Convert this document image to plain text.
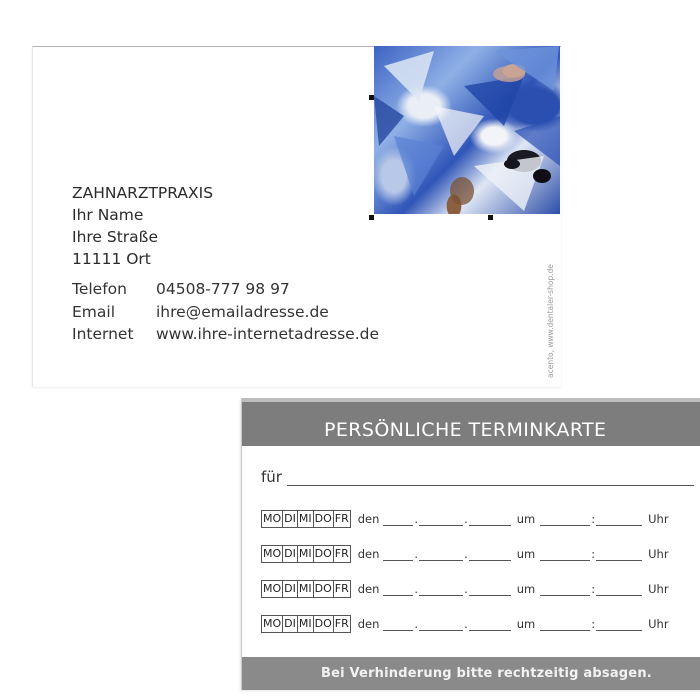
ZAHNARZTPRAXIS
Ihr Name
Ihre Straße
11111 Ort
Telefon	04508-777 98 97
Email	ihre@emailadresse.de
Internet	www.ihre-internetadresse.de	acento, www.dentaler-shop.de
PERSÖNLICHE TERMINKARTE
für
MO DI MI DO FR den	.	.	um	:	Uhr
MO DI MI DO FR den	.	.	um	:	Uhr
MO DI MI DO FR den	.	.	um	:	Uhr
MO DI MI DO FR den	.	.	um	:	Uhr
Bei Verhinderung bitte rechtzeitig absagen.
